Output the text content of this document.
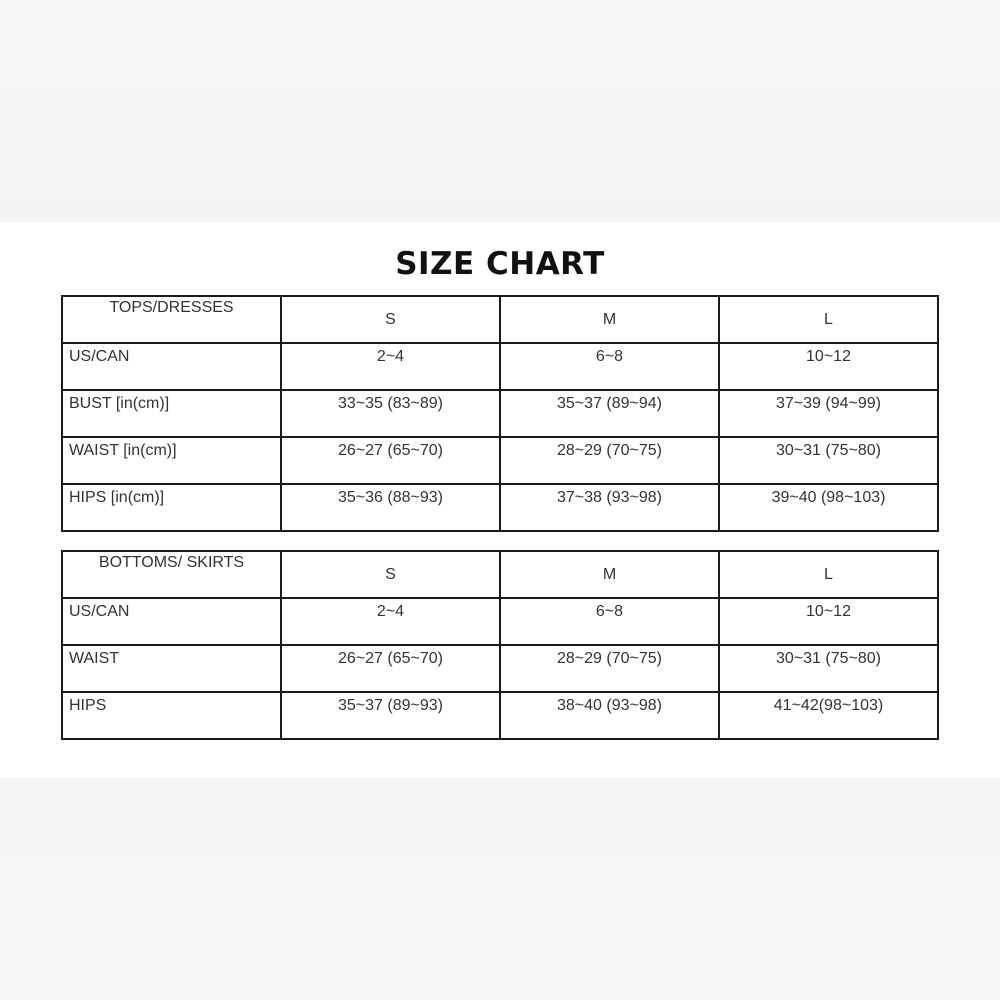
SIZE CHART
TOPS/DRESSES	S	M	L
US/CAN	2~4	6~8	10~12
BUST [in(cm)]	33~35 (83~89)	35~37 (89~94)	37~39 (94~99)
WAIST [in(cm)]	26~27 (65~70)	28~29 (70~75)	30~31 (75~80)
HIPS [in(cm)]	35~36 (88~93)	37~38 (93~98)	39~40 (98~103)
BOTTOMS/ SKIRTS	S	M	L
US/CAN	2~4	6~8	10~12
WAIST	26~27 (65~70)	28~29 (70~75)	30~31 (75~80)
HIPS	35~37 (89~93)	38~40 (93~98)	41~42(98~103)
